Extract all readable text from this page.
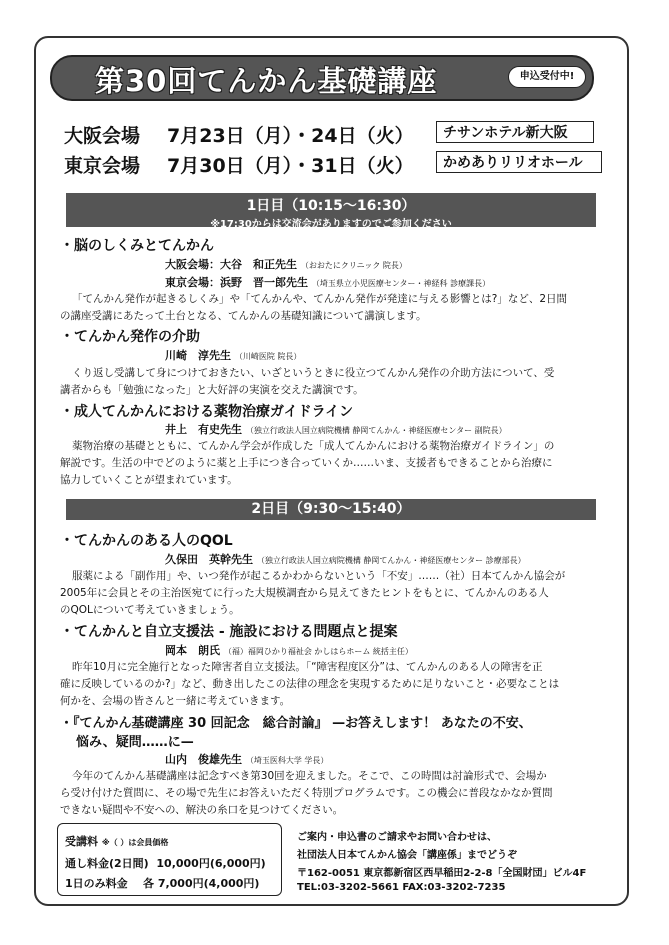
第30回てんかん基礎講座	申込受付中!
大阪会場 7月23日（月）・24日（火）	チサンホテル新大阪
東京会場 7月30日（月）・31日（火）	かめありリリオホール
1日目（10:15〜16:30）
※17:30からは交流会がありますのでご参加ください
・脳のしくみとてんかん
大阪会場：大谷　和正先生 （おおたにクリニック 院長）
東京会場：浜野　晋一郎先生 （埼玉県立小児医療センター・神経科 診療課長）
「てんかん発作が起きるしくみ」や「てんかんや、てんかん発作が発達に与える影響とは?」など、2日間
の講座受講にあたって土台となる、てんかんの基礎知識について講演します。
・てんかん発作の介助
川崎　淳先生 （川崎医院 院長）
くり返し受講して身につけておきたい、いざというときに役立つてんかん発作の介助方法について、受
講者からも「勉強になった」と大好評の実演を交えた講演です。
・成人てんかんにおける薬物治療ガイドライン
井上　有史先生 （独立行政法人国立病院機構 静岡てんかん・神経医療センター 副院長）
薬物治療の基礎とともに、てんかん学会が作成した「成人てんかんにおける薬物治療ガイドライン」の
解説です。生活の中でどのように薬と上手につき合っていくか……いま、支援者もできることから治療に
協力していくことが望まれています。
2日目（9:30〜15:40）
・てんかんのある人のQOL
久保田　英幹先生 （独立行政法人国立病院機構 静岡てんかん・神経医療センター 診療部長）
服薬による「副作用」や、いつ発作が起こるかわからないという「不安」……（社）日本てんかん協会が
2005年に会員とその主治医宛てに行った大規模調査から見えてきたヒントをもとに、てんかんのある人
のQOLについて考えていきましょう。
・てんかんと自立支援法 - 施設における問題点と提案
岡本　朗氏 （福）福岡ひかり福祉会 かしはらホーム 統括主任）
昨年10月に完全施行となった障害者自立支援法。「“障害程度区分”は、てんかんのある人の障害を正
確に反映しているのか?」など、動き出したこの法律の理念を実現するために足りないこと・必要なことは
何かを、会場の皆さんと一緒に考えていきます。
・『てんかん基礎講座 30 回記念　総合討論』 —お答えします！ あなたの不安、
悩み、疑問……に—
山内　俊雄先生 （埼玉医科大学 学長）
今年のてんかん基礎講座は記念すべき第30回を迎えました。そこで、この時間は討論形式で、会場か
ら受け付けた質問に、その場で先生にお答えいただく特別プログラムです。この機会に普段なかなか質問
できない疑問や不安への、解決の糸口を見つけてください。
受講料 ※（ ）は会員価格
通し料金(2日間) 10,000円(6,000円)
1日のみ料金 各 7,000円(4,000円)
ご案内・申込書のご請求やお問い合わせは、
社団法人日本てんかん協会「講座係」までどうぞ
〒162-0051 東京都新宿区西早稲田2-2-8「全国財団」ビル4F
TEL:03-3202-5661 FAX:03-3202-7235
